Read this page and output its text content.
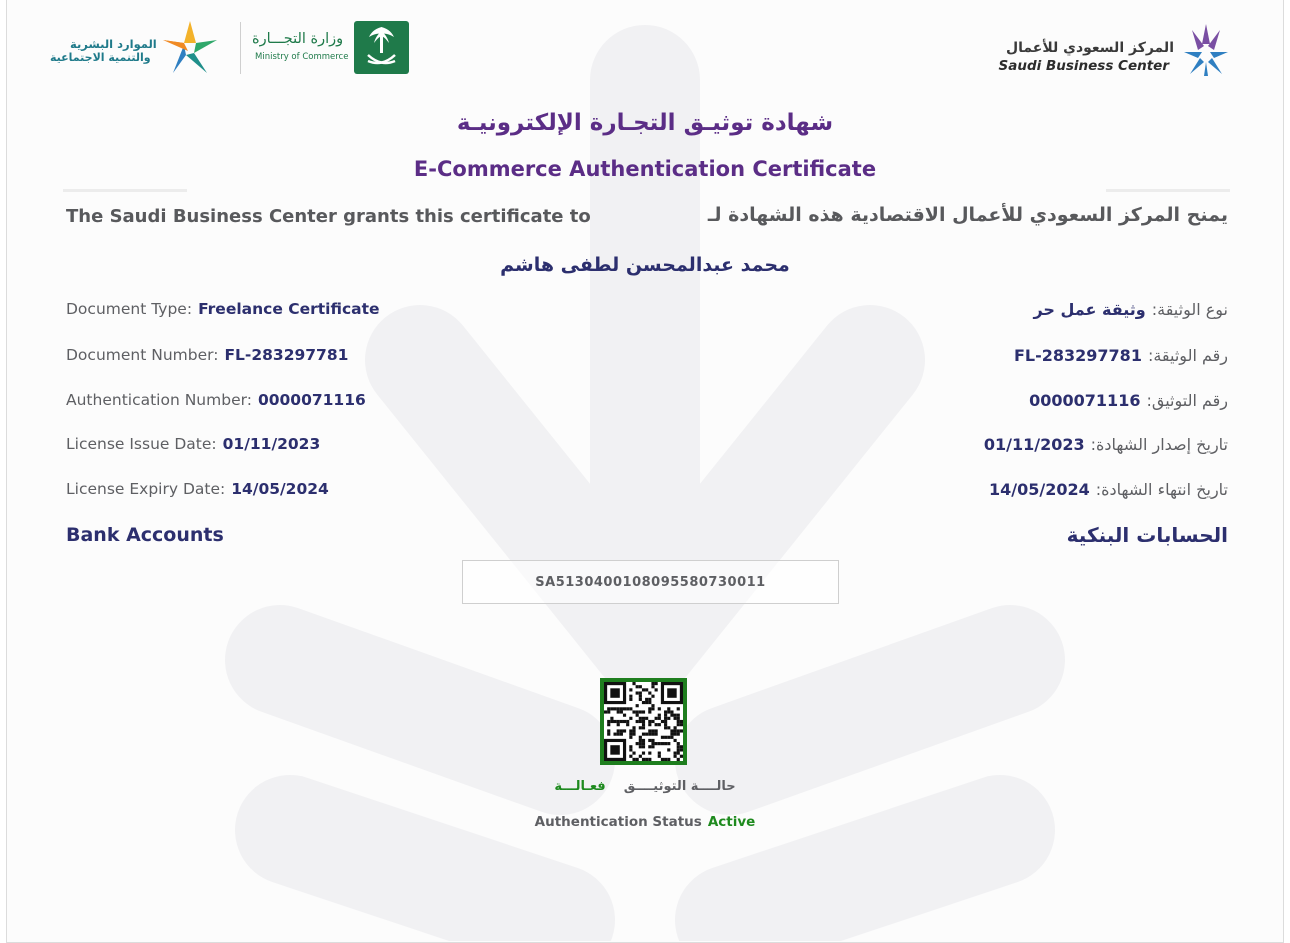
المركز السعودي للأعمال
Saudi Business Center
وزارة التجـــارة
Ministry of Commerce
الموارد البشرية
والتنمية الاجتماعية
شهادة توثيـق التجـارة الإلكترونيـة
E-Commerce Authentication Certificate
The Saudi Business Center grants this certificate to	يمنح المركز السعودي للأعمال الاقتصادية هذه الشهادة لـ
محمد عبدالمحسن لطفى هاشم
Document Type: Freelance Certificate
Document Number: FL-283297781
Authentication Number: 0000071116
License Issue Date: 01/11/2023
License Expiry Date: 14/05/2024
نوع الوثيقة:وثيقة عمل حر
رقم الوثيقة:FL-283297781
رقم التوثيق:0000071116
تاريخ إصدار الشهادة:01/11/2023
تاريخ انتهاء الشهادة:14/05/2024
Bank Accounts	الحسابات البنكية
SA5130400108095580730011
حالــــة التوثيــــق    فعـالـــة
Authentication Status Active
